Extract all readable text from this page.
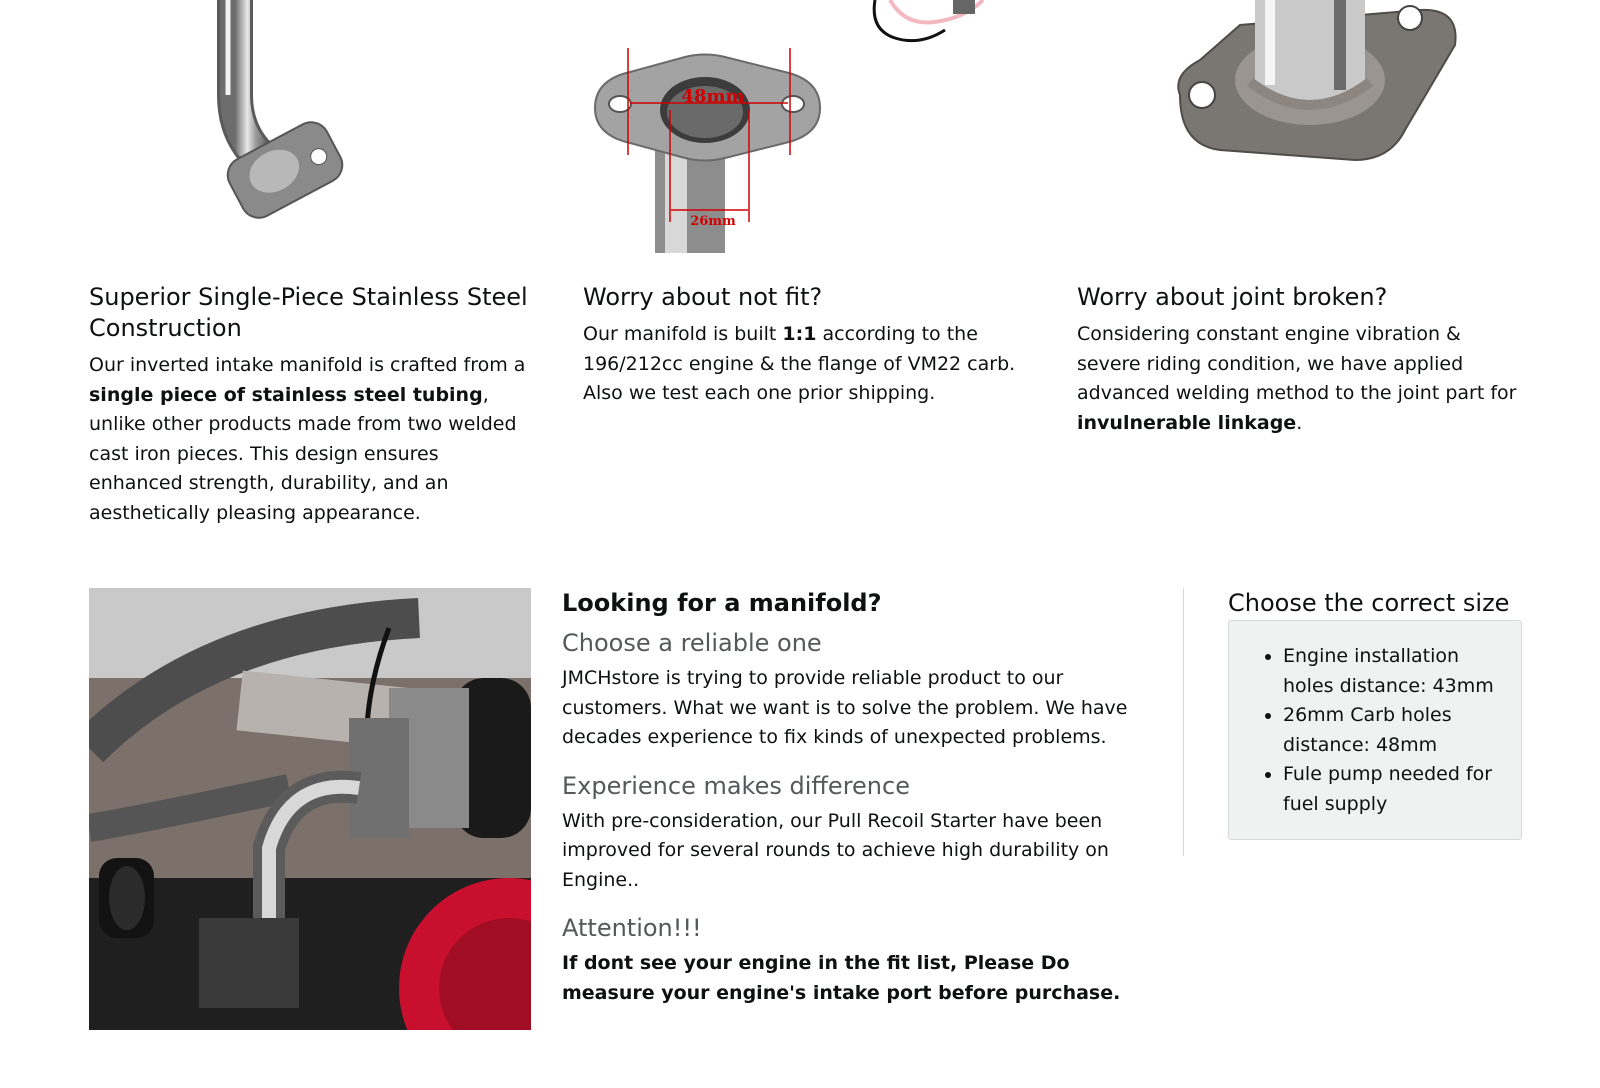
48mm
26mm
Superior Single-Piece Stainless Steel Construction

Our inverted intake manifold is crafted from a single piece of stainless steel tubing, unlike other products made from two welded cast iron pieces. This design ensures enhanced strength, durability, and an aesthetically pleasing appearance.

Worry about not fit?

Our manifold is built 1:1 according to the 196/212cc engine & the flange of VM22 carb. Also we test each one prior shipping.

Worry about joint broken?

Considering constant engine vibration & severe riding condition, we have applied advanced welding method to the joint part for invulnerable linkage.

Looking for a manifold?
Choose a reliable one

JMCHstore is trying to provide reliable product to our customers. What we want is to solve the problem. We have decades experience to fix kinds of unexpected problems.

Experience makes difference

With pre-consideration, our Pull Recoil Starter have been improved for several rounds to achieve high durability on Engine..

Attention!!!

If dont see your engine in the fit list, Please Do measure your engine's intake port before purchase.

Choose the correct size
• Engine installation holes distance: 43mm
• 26mm Carb holes distance: 48mm
• Fule pump needed for fuel supply
